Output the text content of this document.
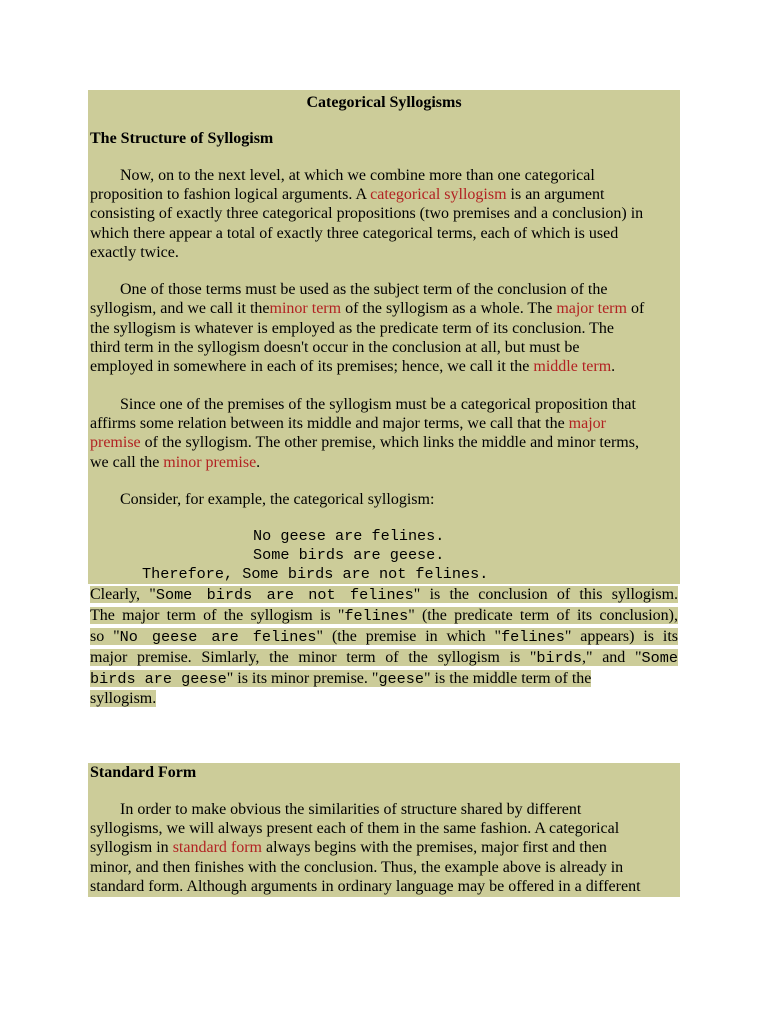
Categorical Syllogisms
The Structure of Syllogism
Now, on to the next level, at which we combine more than one categorical
proposition to fashion logical arguments. A categorical syllogism is an argument
consisting of exactly three categorical propositions (two premises and a conclusion) in
which there appear a total of exactly three categorical terms, each of which is used
exactly twice.
One of those terms must be used as the subject term of the conclusion of the
syllogism, and we call it theminor term of the syllogism as a whole. The major term of
the syllogism is whatever is employed as the predicate term of its conclusion. The
third term in the syllogism doesn't occur in the conclusion at all, but must be
employed in somewhere in each of its premises; hence, we call it the middle term.
Since one of the premises of the syllogism must be a categorical proposition that
affirms some relation between its middle and major terms, we call that the major
premise of the syllogism. The other premise, which links the middle and minor terms,
we call the minor premise.
Consider, for example, the categorical syllogism:
No geese are felines.
Some birds are geese.
Therefore, Some birds are not felines.
Clearly, "Some birds are not felines" is the conclusion of this syllogism.
The major term of the syllogism is "felines" (the predicate term of its conclusion),
so "No geese are felines" (the premise in which "felines" appears) is its
major premise. Simlarly, the minor term of the syllogism is "birds," and "Some
birds are geese" is its minor premise. "geese" is the middle term of the
syllogism.
Standard Form
In order to make obvious the similarities of structure shared by different
syllogisms, we will always present each of them in the same fashion. A categorical
syllogism in standard form always begins with the premises, major first and then
minor, and then finishes with the conclusion. Thus, the example above is already in
standard form. Although arguments in ordinary language may be offered in a different
